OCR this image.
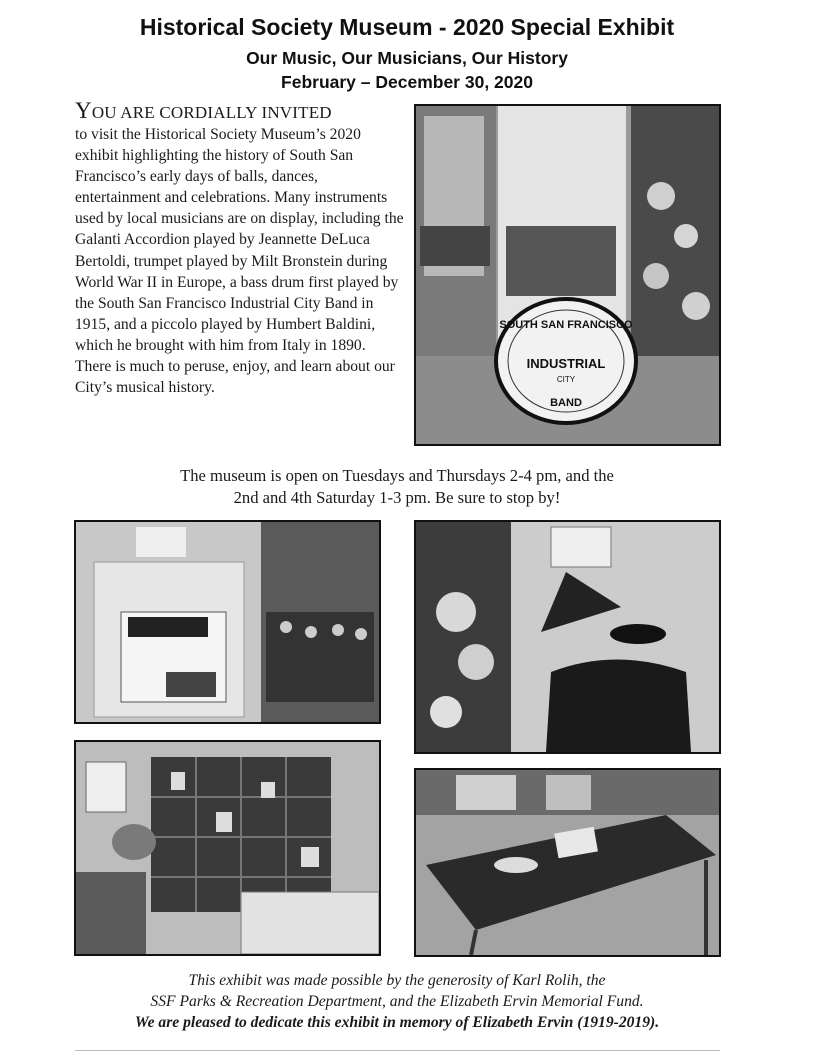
Historical Society Museum - 2020 Special Exhibit
Our Music, Our Musicians, Our History
February – December 30, 2020
YOU ARE CORDIALLY INVITED
to visit the Historical Society Museum’s 2020 exhibit highlighting the history of South San Francisco’s early days of balls, dances, entertainment and celebrations. Many instruments used by local musicians are on display, including the Galanti Accordion played by Jeannette DeLuca Bertoldi, trumpet played by Milt Bronstein during World War II in Europe, a bass drum first played by the South San Francisco Industrial City Band in 1915, and a piccolo played by Humbert Baldini, which he brought with him from Italy in 1890. There is much to peruse, enjoy, and learn about our City’s musical history.
SOUTH SAN FRANCISCO
INDUSTRIAL
CITY
BAND
The museum is open on Tuesdays and Thursdays 2-4 pm, and the
2nd and 4th Saturday 1-3 pm. Be sure to stop by!
This exhibit was made possible by the generosity of Karl Rolih, the
SSF Parks & Recreation Department, and the Elizabeth Ervin Memorial Fund.
We are pleased to dedicate this exhibit in memory of Elizabeth Ervin (1919-2019).
